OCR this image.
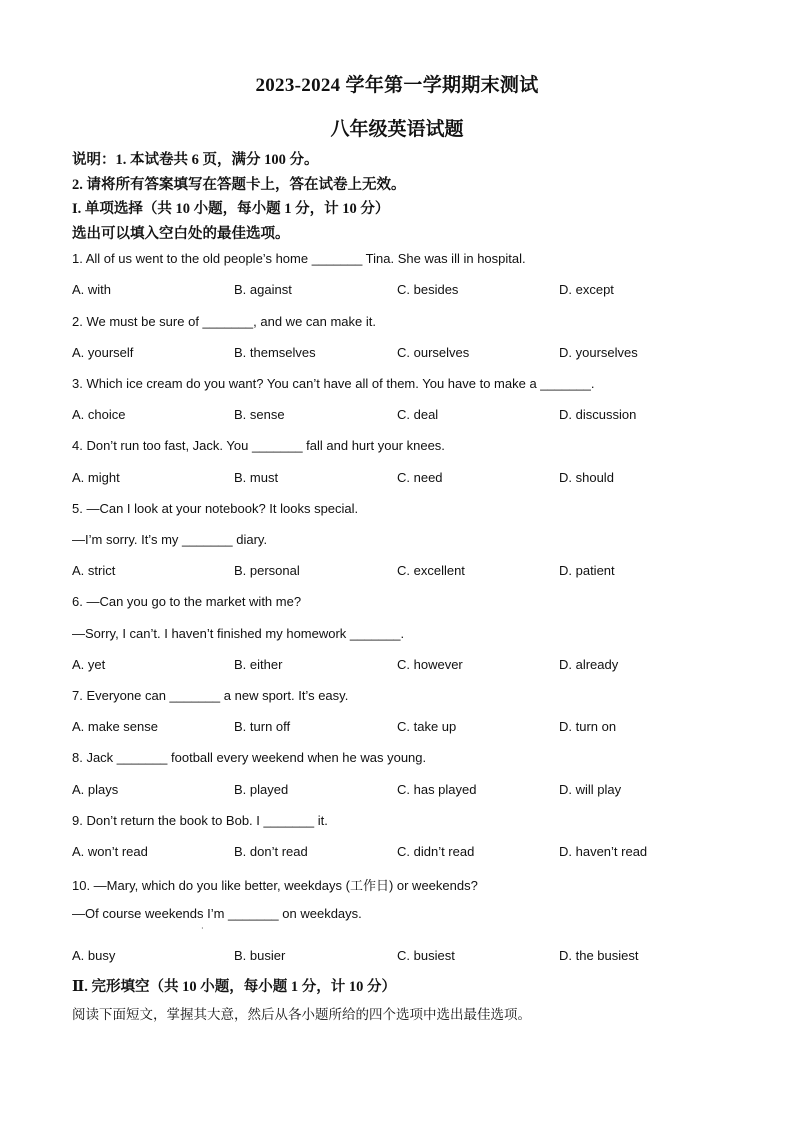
2023-2024 学年第一学期期末测试
八年级英语试题
说明：1. 本试卷共 6 页，满分 100 分。
2. 请将所有答案填写在答题卡上，答在试卷上无效。
I. 单项选择（共 10 小题，每小题 1 分，计 10 分）
选出可以填入空白处的最佳选项。
1. All of us went to the old people’s home _______ Tina. She was ill in hospital.
A. with	B. against	C. besides	D. except
2. We must be sure of _______, and we can make it.
A. yourself	B. themselves	C. ourselves	D. yourselves
3. Which ice cream do you want? You can’t have all of them. You have to make a _______.
A. choice	B. sense	C. deal	D. discussion
4. Don’t run too fast, Jack. You _______ fall and hurt your knees.
A. might	B. must	C. need	D. should
5. —Can I look at your notebook? It looks special.
—I’m sorry. It’s my _______ diary.
A. strict	B. personal	C. excellent	D. patient
6. —Can you go to the market with me?
—Sorry, I can’t. I haven’t finished my homework _______.
A. yet	B. either	C. however	D. already
7. Everyone can _______ a new sport. It’s easy.
A. make sense	B. turn off	C. take up	D. turn on
8. Jack _______ football every weekend when he was young.
A. plays	B. played	C. has played	D. will play
9. Don’t return the book to Bob. I _______ it.
A. won’t read	B. don’t read	C. didn’t read	D. haven’t read
10. —Mary, which do you like better, weekdays (工作日) or weekends?
—Of course weekends I’m _______ on weekdays.
·
A. busy	B. busier	C. busiest	D. the busiest
Ⅱ. 完形填空（共 10 小题，每小题 1 分，计 10 分）
阅读下面短文，掌握其大意，然后从各小题所给的四个选项中选出最佳选项。
